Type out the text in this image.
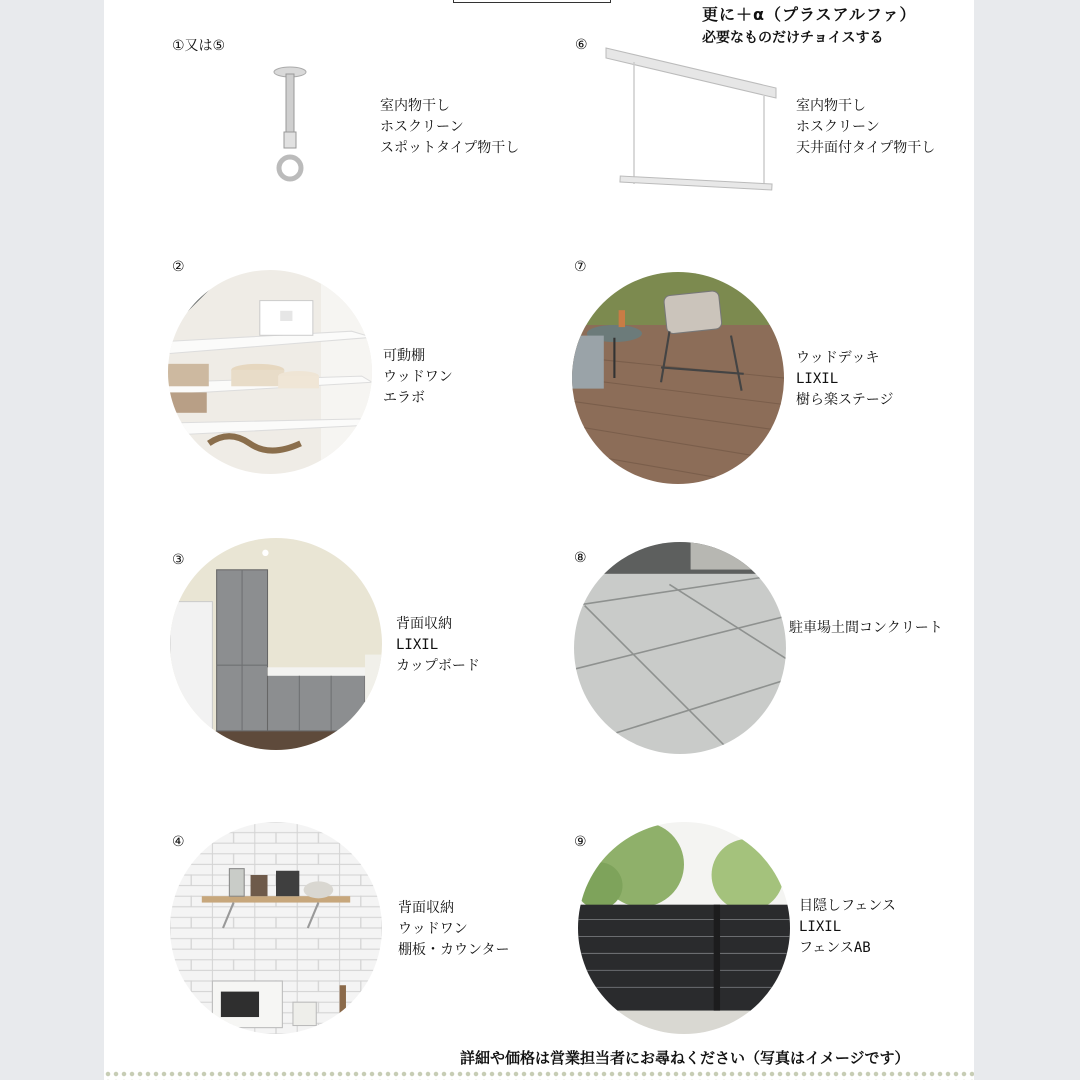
更に＋α（プラスアルファ）
必要なものだけチョイスする
①又は⑤
室内物干し
ホスクリーン
スポットタイプ物干し
⑥
室内物干し
ホスクリーン
天井面付タイプ物干し
②
可動棚
ウッドワン
エラボ
⑦
ウッドデッキ
LIXIL
樹ら楽ステージ
③
背面収納
LIXIL
カップボード
⑧
駐車場土間コンクリート
④
背面収納
ウッドワン
棚板・カウンター
⑨
目隠しフェンス
LIXIL
フェンスAB
詳細や価格は営業担当者にお尋ねください（写真はイメージです）
